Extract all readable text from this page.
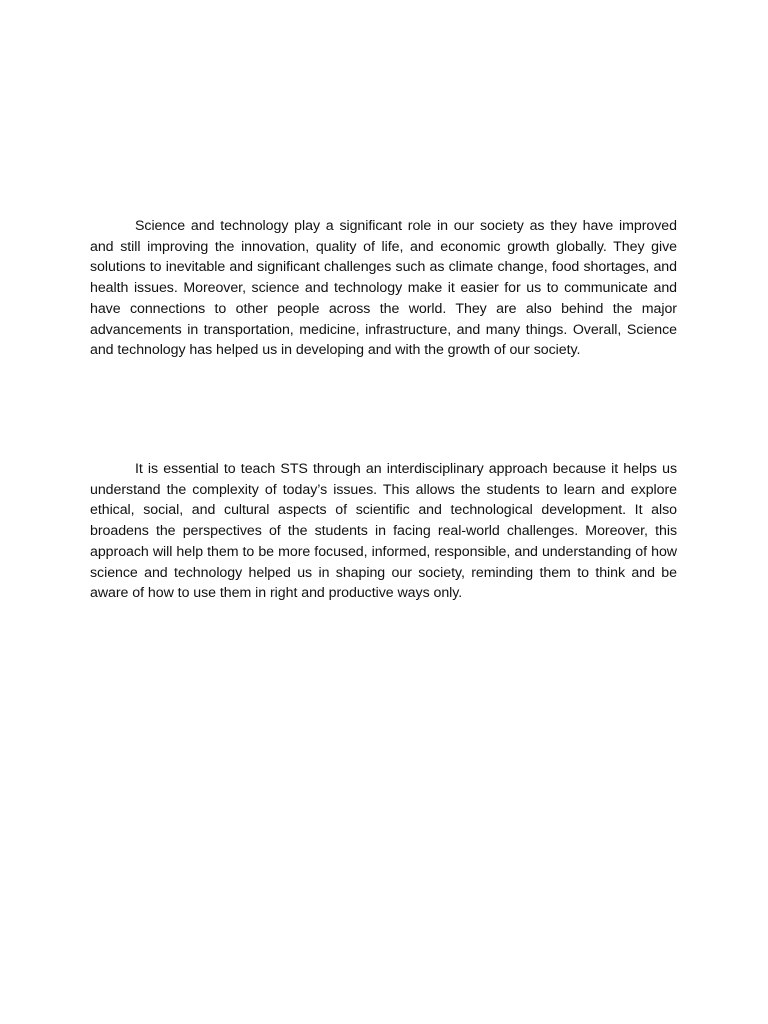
Science and technology play a significant role in our society as they have improved and still improving the innovation, quality of life, and economic growth globally. They give solutions to inevitable and significant challenges such as climate change, food shortages, and health issues. Moreover, science and technology make it easier for us to communicate and have connections to other people across the world. They are also behind the major advancements in transportation, medicine, infrastructure, and many things. Overall, Science and technology has helped us in developing and with the growth of our society.

It is essential to teach STS through an interdisciplinary approach because it helps us understand the complexity of today’s issues. This allows the students to learn and explore ethical, social, and cultural aspects of scientific and technological development. It also broadens the perspectives of the students in facing real-world challenges. Moreover, this approach will help them to be more focused, informed, responsible, and understanding of how science and technology helped us in shaping our society, reminding them to think and be aware of how to use them in right and productive ways only.
